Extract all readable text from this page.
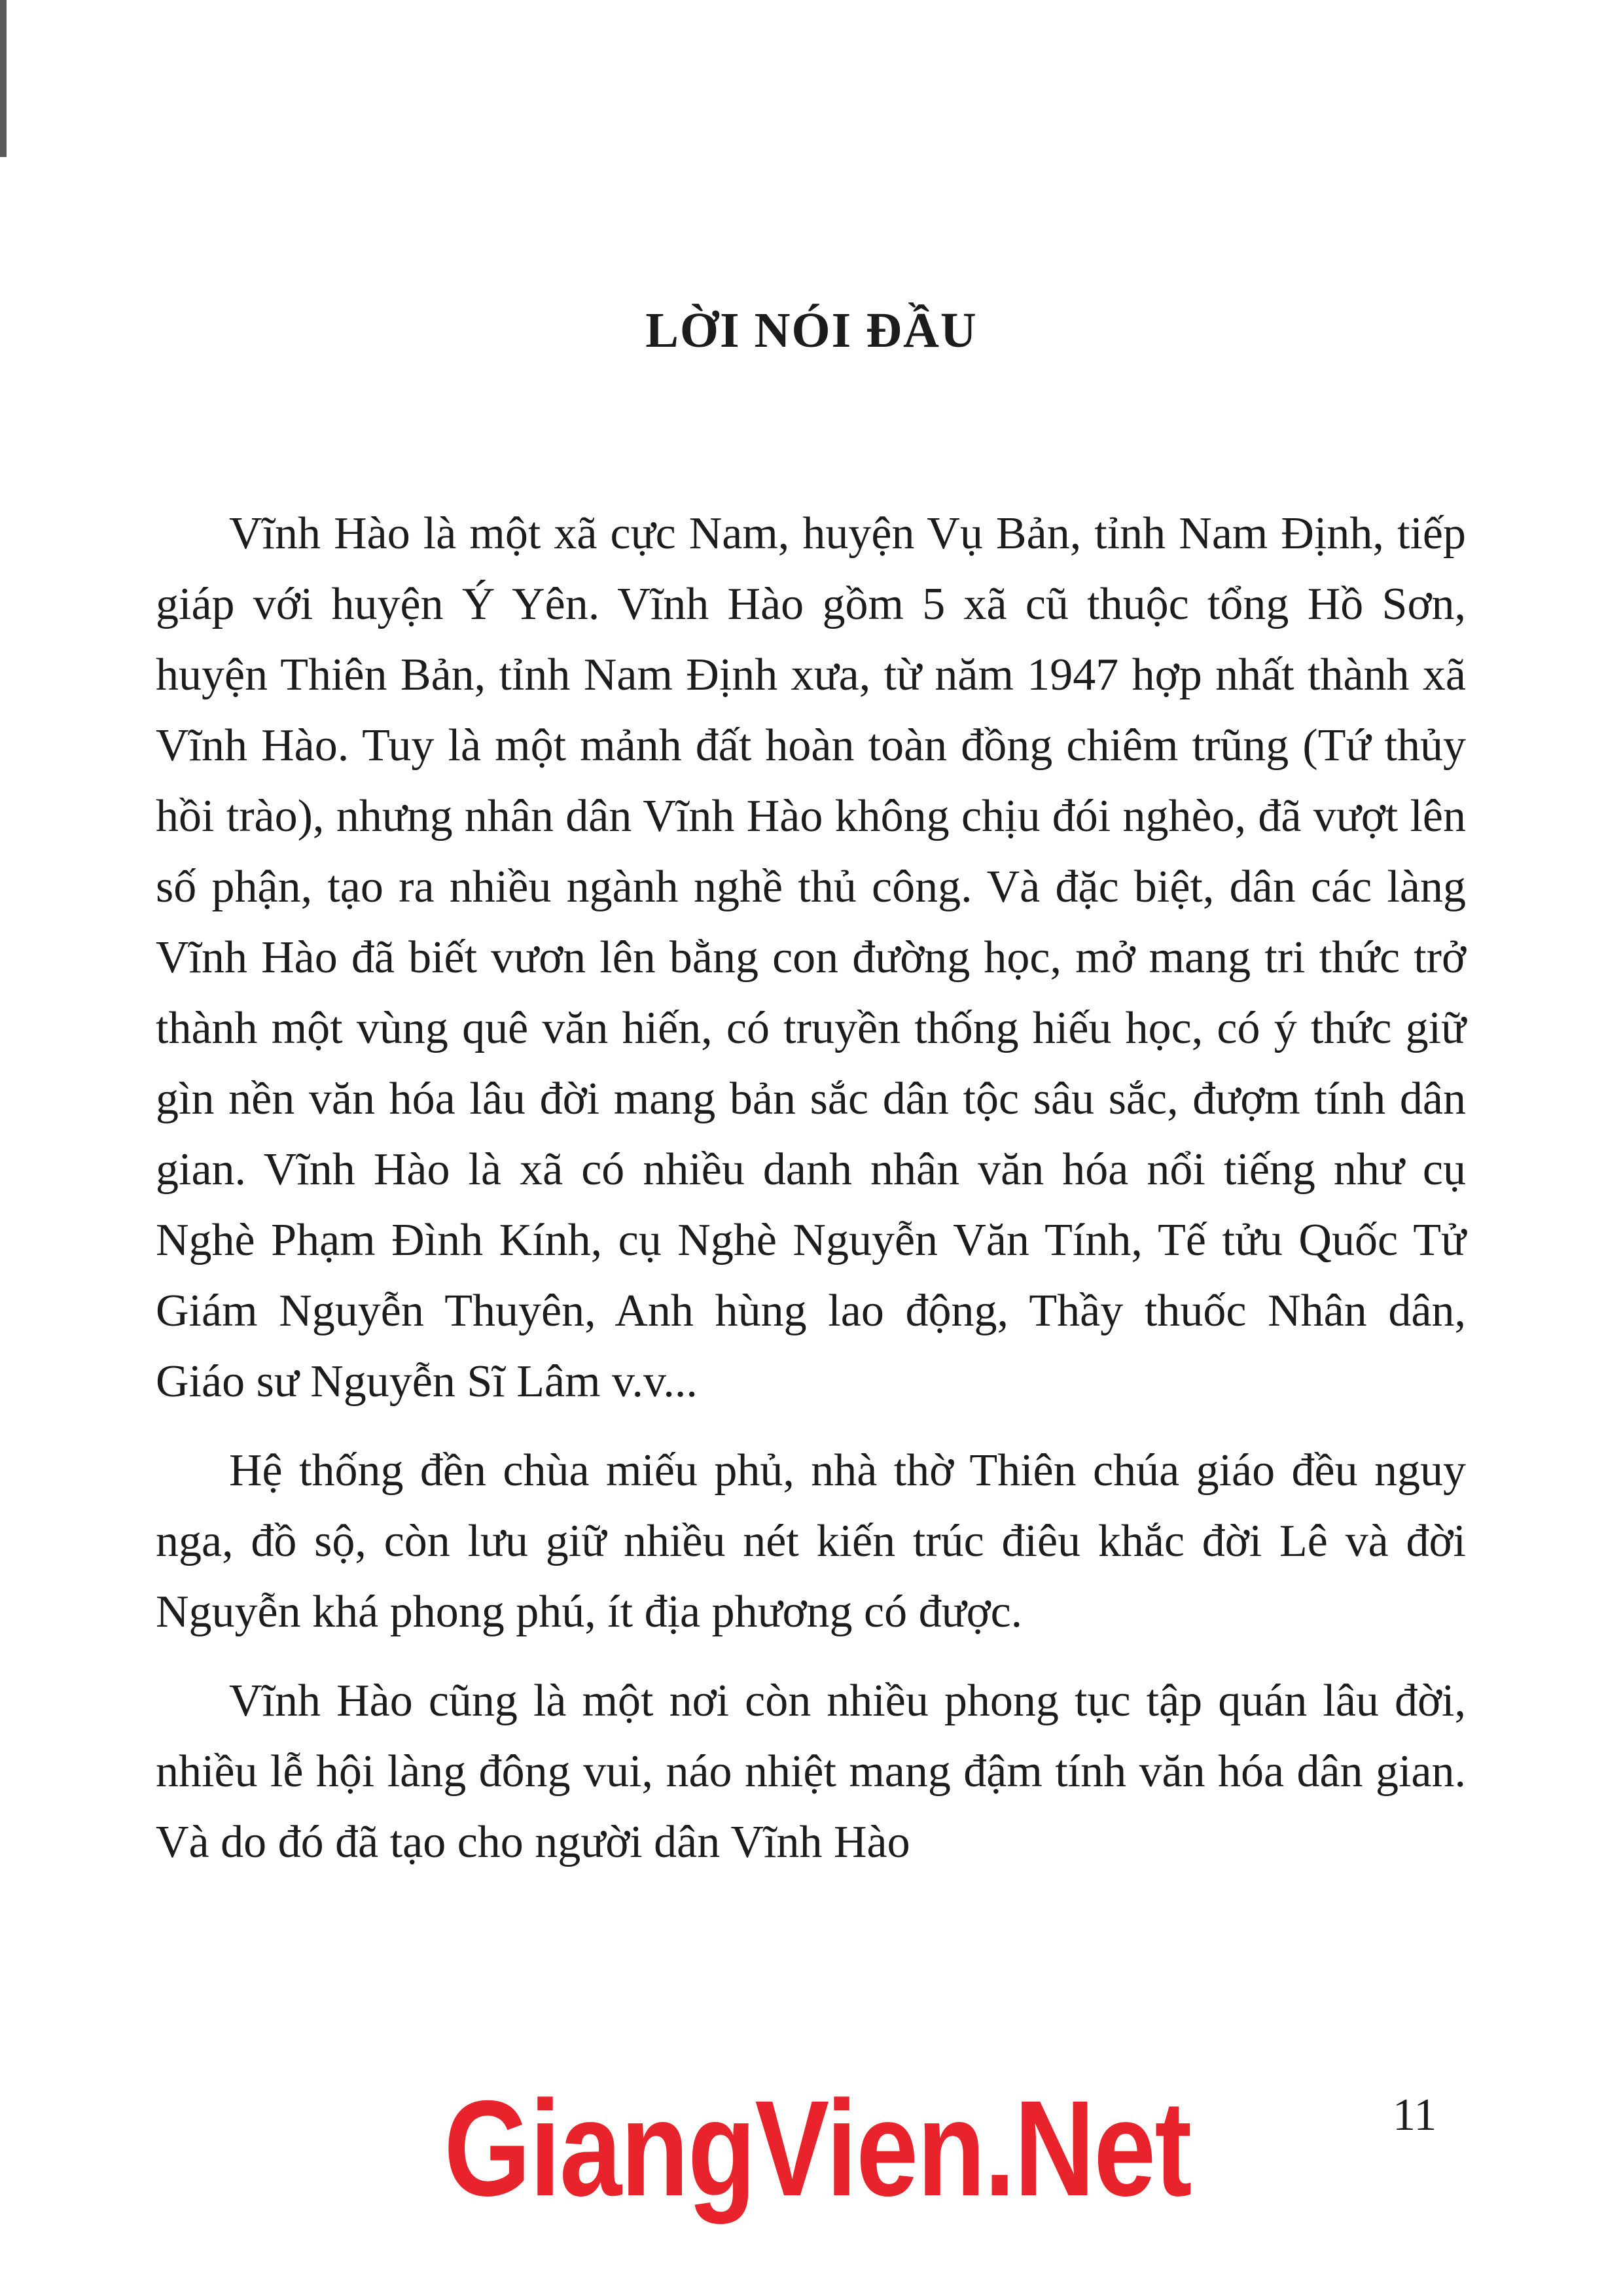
LỜI NÓI ĐẦU

Vĩnh Hào là một xã cực Nam, huyện Vụ Bản, tỉnh Nam Định, tiếp giáp với huyện Ý Yên. Vĩnh Hào gồm 5 xã cũ thuộc tổng Hồ Sơn, huyện Thiên Bản, tỉnh Nam Định xưa, từ năm 1947 hợp nhất thành xã Vĩnh Hào. Tuy là một mảnh đất hoàn toàn đồng chiêm trũng (Tứ thủy hồi trào), nhưng nhân dân Vĩnh Hào không chịu đói nghèo, đã vượt lên số phận, tạo ra nhiều ngành nghề thủ công. Và đặc biệt, dân các làng Vĩnh Hào đã biết vươn lên bằng con đường học, mở mang tri thức trở thành một vùng quê văn hiến, có truyền thống hiếu học, có ý thức giữ gìn nền văn hóa lâu đời mang bản sắc dân tộc sâu sắc, đượm tính dân gian. Vĩnh Hào là xã có nhiều danh nhân văn hóa nổi tiếng như cụ Nghè Phạm Đình Kính, cụ Nghè Nguyễn Văn Tính, Tế tửu Quốc Tử Giám Nguyễn Thuyên, Anh hùng lao động, Thầy thuốc Nhân dân, Giáo sư Nguyễn Sĩ Lâm v.v...

Hệ thống đền chùa miếu phủ, nhà thờ Thiên chúa giáo đều nguy nga, đồ sộ, còn lưu giữ nhiều nét kiến trúc điêu khắc đời Lê và đời Nguyễn khá phong phú, ít địa phương có được.

Vĩnh Hào cũng là một nơi còn nhiều phong tục tập quán lâu đời, nhiều lễ hội làng đông vui, náo nhiệt mang đậm tính văn hóa dân gian. Và do đó đã tạo cho người dân Vĩnh Hào

GiangVien.Net	11
